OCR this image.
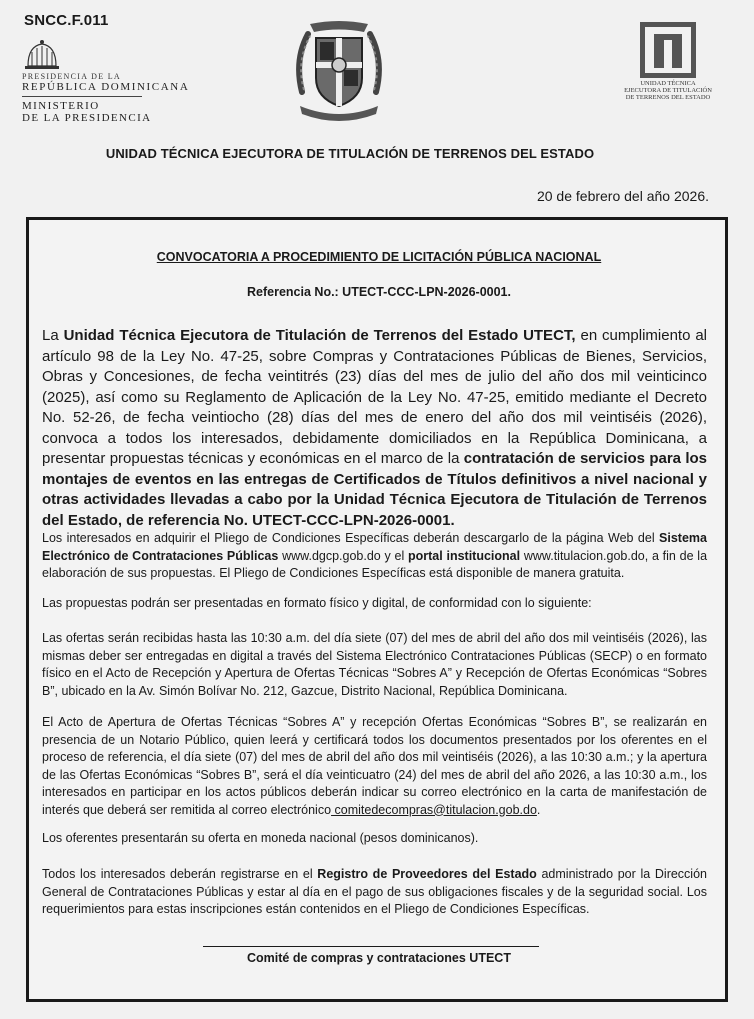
SNCC.F.011
PRESIDENCIA DE LA
REPÚBLICA DOMINICANA
MINISTERIO
DE LA PRESIDENCIA
UNIDAD TÉCNICA
EJECUTORA DE TITULACIÓN
DE TERRENOS DEL ESTADO
UNIDAD TÉCNICA EJECUTORA DE TITULACIÓN DE TERRENOS DEL ESTADO
20 de febrero del año 2026.
CONVOCATORIA A PROCEDIMIENTO DE LICITACIÓN PÚBLICA NACIONAL
Referencia No.: UTECT-CCC-LPN-2026-0001.
La Unidad Técnica Ejecutora de Titulación de Terrenos del Estado UTECT, en cumplimiento al artículo 98 de la Ley No. 47-25, sobre Compras y Contrataciones Públicas de Bienes, Servicios, Obras y Concesiones, de fecha veintitrés (23) días del mes de julio del año dos mil veinticinco (2025), así como su Reglamento de Aplicación de la Ley No. 47-25, emitido mediante el Decreto No. 52-26, de fecha veintiocho (28) días del mes de enero del año dos mil veintiséis (2026), convoca a todos los interesados, debidamente domiciliados en la República Dominicana, a presentar propuestas técnicas y económicas en el marco de la contratación de servicios para los montajes de eventos en las entregas de Certificados de Títulos definitivos a nivel nacional y otras actividades llevadas a cabo por la Unidad Técnica Ejecutora de Titulación de Terrenos del Estado, de referencia No. UTECT-CCC-LPN-2026-0001.
Los interesados en adquirir el Pliego de Condiciones Específicas deberán descargarlo de la página Web del Sistema Electrónico de Contrataciones Públicas www.dgcp.gob.do y el portal institucional www.titulacion.gob.do, a fin de la elaboración de sus propuestas. El Pliego de Condiciones Específicas está disponible de manera gratuita.
Las propuestas podrán ser presentadas en formato físico y digital, de conformidad con lo siguiente:
Las ofertas serán recibidas hasta las 10:30 a.m. del día siete (07) del mes de abril del año dos mil veintiséis (2026), las mismas deber ser entregadas en digital a través del Sistema Electrónico Contrataciones Públicas (SECP) o en formato físico en el Acto de Recepción y Apertura de Ofertas Técnicas “Sobres A” y Recepción de Ofertas Económicas “Sobres B”, ubicado en la Av. Simón Bolívar No. 212, Gazcue, Distrito Nacional, República Dominicana.
El Acto de Apertura de Ofertas Técnicas “Sobres A” y recepción Ofertas Económicas “Sobres B”, se realizarán en presencia de un Notario Público, quien leerá y certificará todos los documentos presentados por los oferentes en el proceso de referencia, el día siete (07) del mes de abril del año dos mil veintiséis (2026), a las 10:30 a.m.; y la apertura de las Ofertas Económicas “Sobres B”, será el día veinticuatro (24) del mes de abril del año 2026, a las 10:30 a.m., los interesados en participar en los actos públicos deberán indicar su correo electrónico en la carta de manifestación de interés que deberá ser remitida al correo electrónico comitedecompras@titulacion.gob.do.
Los oferentes presentarán su oferta en moneda nacional (pesos dominicanos).
Todos los interesados deberán registrarse en el Registro de Proveedores del Estado administrado por la Dirección General de Contrataciones Públicas y estar al día en el pago de sus obligaciones fiscales y de la seguridad social. Los requerimientos para estas inscripciones están contenidos en el Pliego de Condiciones Específicas.
Comité de compras y contrataciones UTECT
